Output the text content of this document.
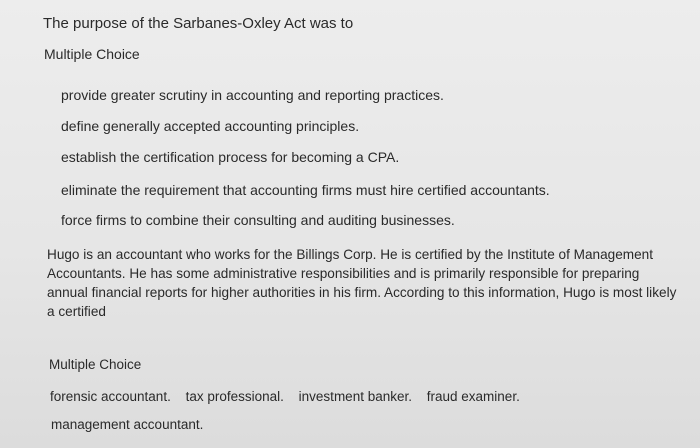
The purpose of the Sarbanes-Oxley Act was to
Multiple Choice
provide greater scrutiny in accounting and reporting practices.
define generally accepted accounting principles.
establish the certification process for becoming a CPA.
eliminate the requirement that accounting firms must hire certified accountants.
force firms to combine their consulting and auditing businesses.
Hugo is an accountant who works for the Billings Corp. He is certified by the Institute of Management Accountants. He has some administrative responsibilities and is primarily responsible for preparing annual financial reports for higher authorities in his firm. According to this information, Hugo is most likely a certified
Multiple Choice
forensic accountant. tax professional. investment banker. fraud examiner.
management accountant.
